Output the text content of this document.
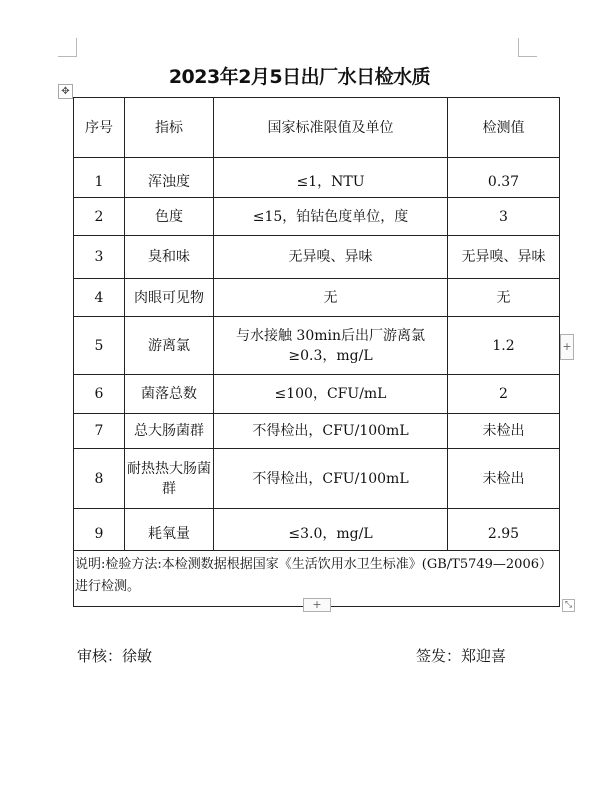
2023年2月5日出厂水日检水质
✥
序号	指标	国家标准限值及单位	检测值
1	浑浊度	≤1，NTU	0.37
2	色度	≤15，铂钴色度单位，度	3
3	臭和味	无异嗅、异味	无异嗅、异味
4	肉眼可见物	无	无
5	游离氯	与水接触 30min后出厂游离氯≥0.3，mg/L	1.2
6	菌落总数	≤100，CFU/mL	2
7	总大肠菌群	不得检出，CFU/100mL	未检出
8	耐热热大肠菌群	不得检出，CFU/100mL	未检出
9	耗氧量	≤3.0，mg/L	2.95
说明:检验方法:本检测数据根据国家《生活饮用水卫生标准》(GB/T5749—2006）进行检测。			
+
+	⤡
审核：徐敏	签发：郑迎喜
